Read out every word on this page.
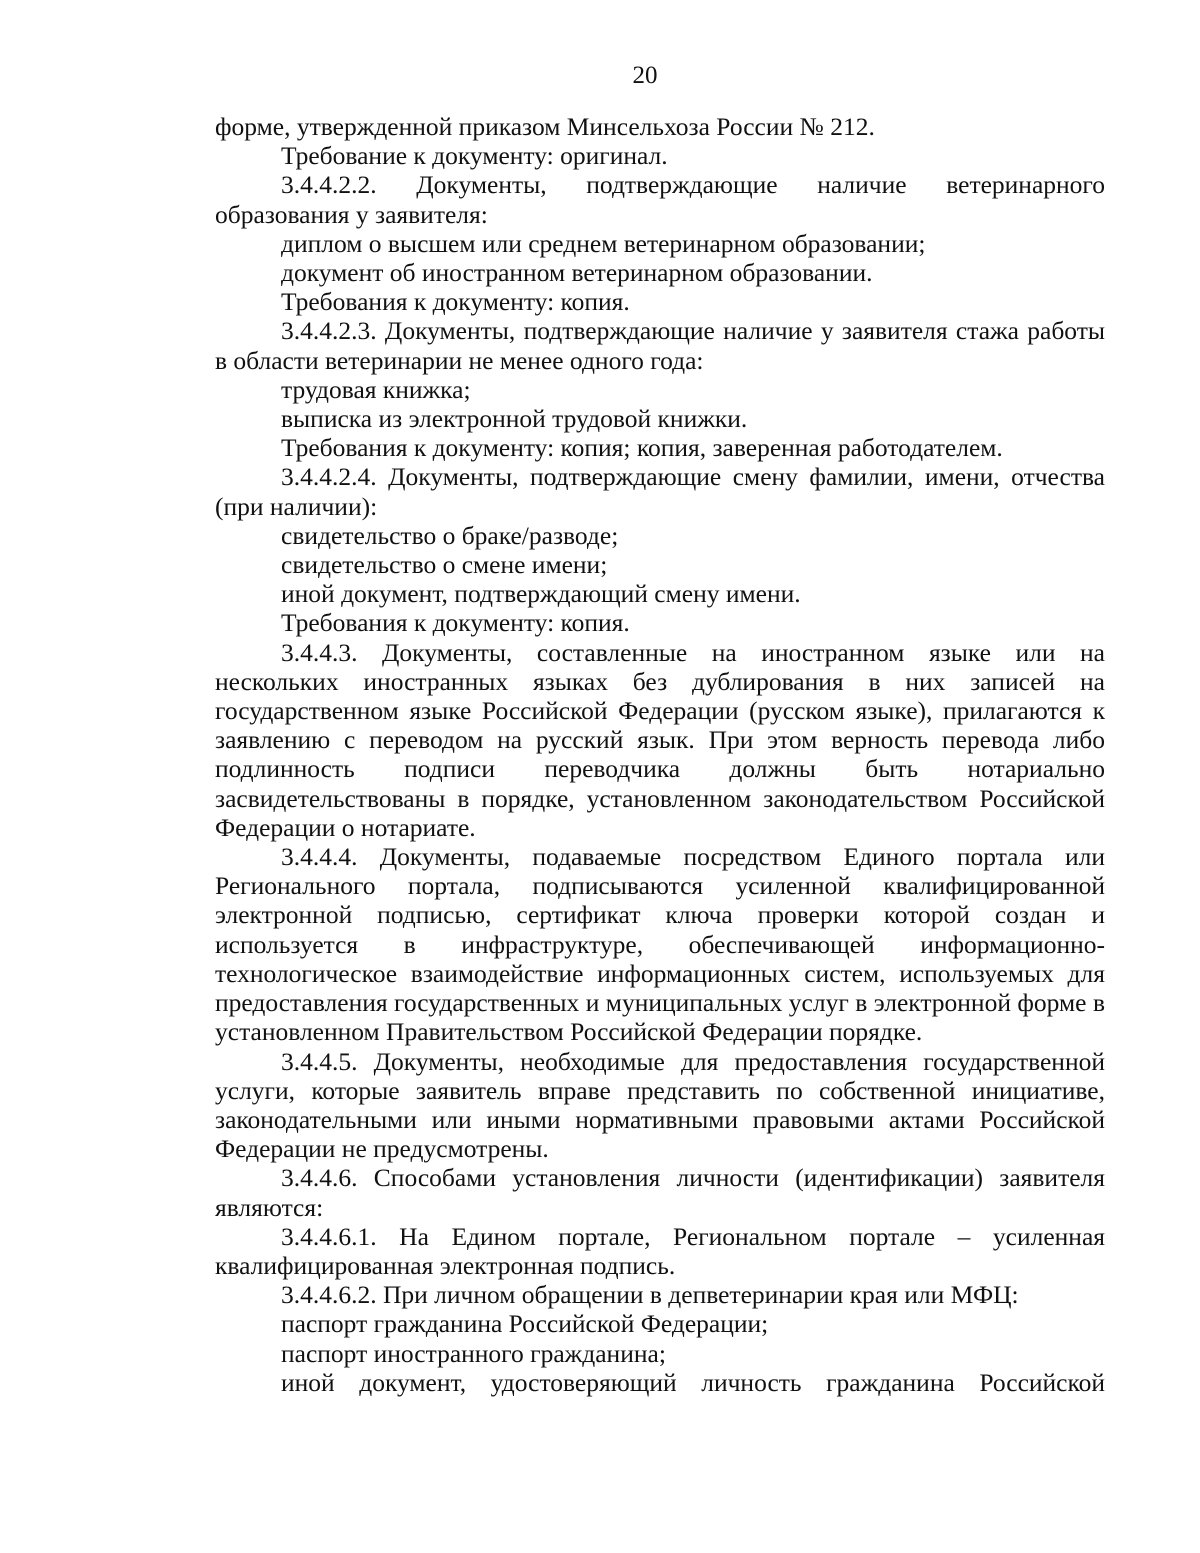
20

форме, утвержденной приказом Минсельхоза России № 212.

Требование к документу: оригинал.

3.4.4.2.2. Документы, подтверждающие наличие ветеринарного образования у заявителя:

диплом о высшем или среднем ветеринарном образовании;

документ об иностранном ветеринарном образовании.

Требования к документу: копия.

3.4.4.2.3. Документы, подтверждающие наличие у заявителя стажа работы в области ветеринарии не менее одного года:

трудовая книжка;

выписка из электронной трудовой книжки.

Требования к документу: копия; копия, заверенная работодателем.

3.4.4.2.4. Документы, подтверждающие смену фамилии, имени, отчества (при наличии):

свидетельство о браке/разводе;

свидетельство о смене имени;

иной документ, подтверждающий смену имени.

Требования к документу: копия.

3.4.4.3. Документы, составленные на иностранном языке или на нескольких иностранных языках без дублирования в них записей на государственном языке Российской Федерации (русском языке), прилагаются к заявлению с переводом на русский язык. При этом верность перевода либо подлинность подписи переводчика должны быть нотариально засвидетельствованы в порядке, установленном законодательством Российской Федерации о нотариате.

3.4.4.4. Документы, подаваемые посредством Единого портала или Регионального портала, подписываются усиленной квалифицированной электронной подписью, сертификат ключа проверки которой создан и используется в инфраструктуре, обеспечивающей информационно-технологическое взаимодействие информационных систем, используемых для предоставления государственных и муниципальных услуг в электронной форме в установленном Правительством Российской Федерации порядке.

3.4.4.5. Документы, необходимые для предоставления государственной услуги, которые заявитель вправе представить по собственной инициативе, законодательными или иными нормативными правовыми актами Российской Федерации не предусмотрены.

3.4.4.6. Способами установления личности (идентификации) заявителя являются:

3.4.4.6.1. На Едином портале, Региональном портале – усиленная квалифицированная электронная подпись.

3.4.4.6.2. При личном обращении в депветеринарии края или МФЦ:

паспорт гражданина Российской Федерации;

паспорт иностранного гражданина;

иной документ, удостоверяющий личность гражданина Российской
